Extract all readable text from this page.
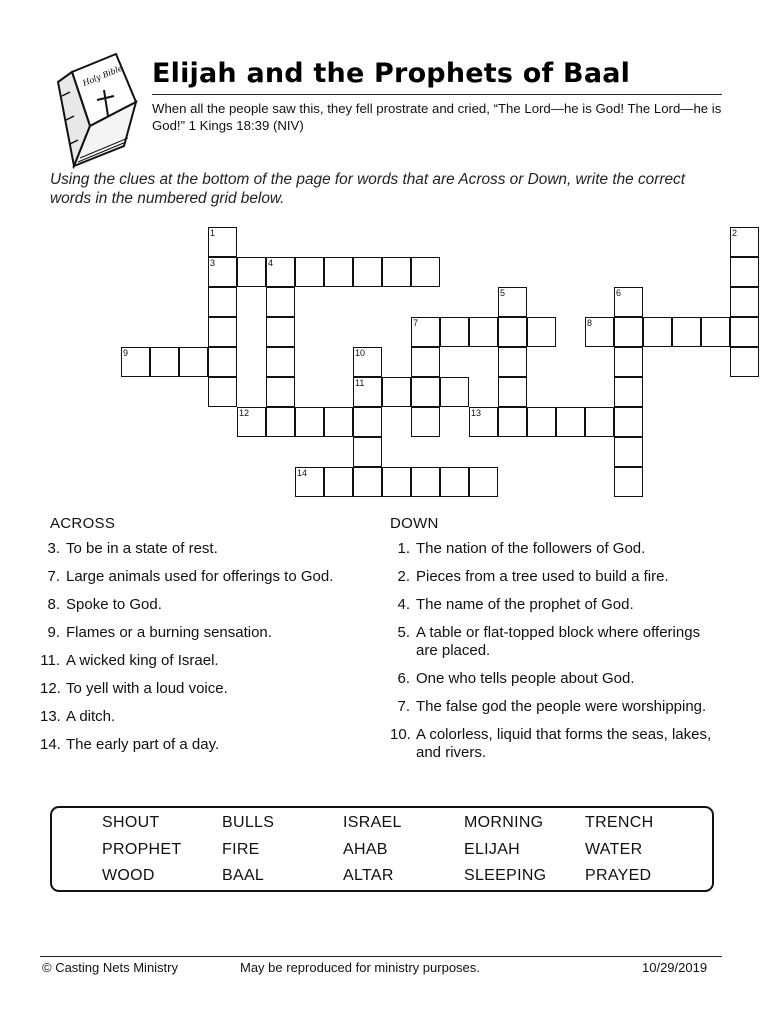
Holy Bible Elijah and the Prophets of Baal

When all the people saw this, they fell prostrate and cried, “The Lord—he is God! The Lord—he is God!” 1 Kings 18:39 (NIV)

Using the clues at the bottom of the page for words that are Across or Down, write the correct words in the numbered grid below.

1
3	4
2
5	6
7	8
9	10
11
12	13
14
ACROSS
3. To be in a state of rest.
7. Large animals used for offerings to God.
8. Spoke to God.
9. Flames or a burning sensation.
11. A wicked king of Israel.
12. To yell with a loud voice.
13. A ditch.
14. The early part of a day.
DOWN
1. The nation of the followers of God.
2. Pieces from a tree used to build a fire.
4. The name of the prophet of God.
5. A table or flat-topped block where offerings are placed.
6. One who tells people about God.
7. The false god the people were worshipping.
10. A colorless, liquid that forms the seas, lakes, and rivers.
SHOUT	BULLS	ISRAEL	MORNING	TRENCH
PROPHET	FIRE	AHAB	ELIJAH	WATER
WOOD	BAAL	ALTAR	SLEEPING PRAYED
© Casting Nets Ministry	May be reproduced for ministry purposes.	10/29/2019
